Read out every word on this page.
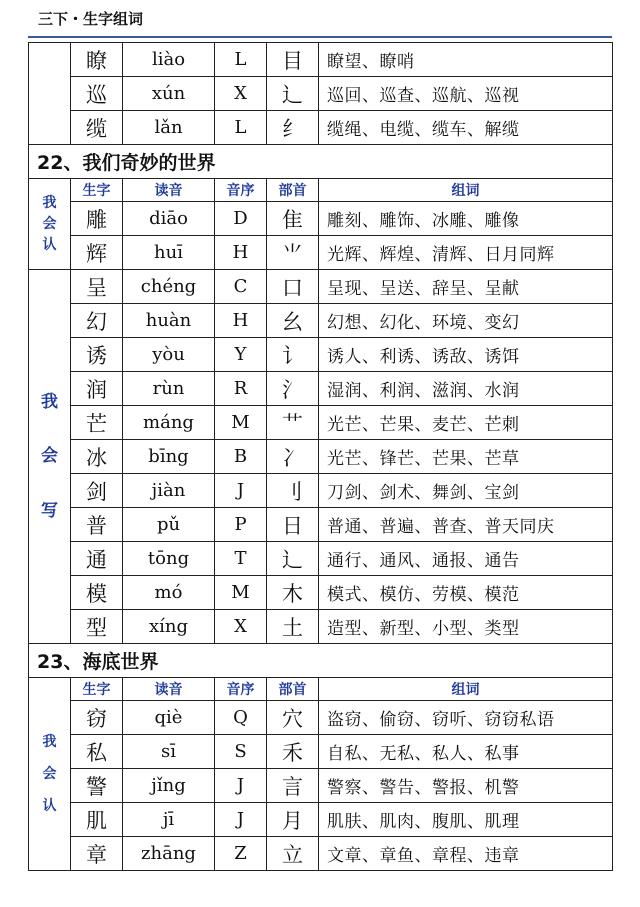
三下・生字组词
	瞭	liào	L	目	瞭望、瞭哨
	巡	xún	X	辶	巡回、巡查、巡航、巡视
	缆	lǎn	L	纟	缆绳、电缆、缆车、解缆
22、我们奇妙的世界					

我
会
认	生字	读音	音序	部首	组词
	雕	diāo	D	隹	雕刻、雕饰、冰雕、雕像
	辉	huī	H	⺌	光辉、辉煌、清辉、日月同辉

我
会
写	呈	chéng	C	口	呈现、呈送、辞呈、呈献
	幻	huàn	H	幺	幻想、幻化、环境、变幻
	诱	yòu	Y	讠	诱人、利诱、诱敌、诱饵
	润	rùn	R	氵	湿润、利润、滋润、水润
	芒	máng	M	艹	光芒、芒果、麦芒、芒刺
	冰	bīng	B	冫	光芒、锋芒、芒果、芒草
	剑	jiàn	J	刂	刀剑、剑术、舞剑、宝剑
	普	pǔ	P	日	普通、普遍、普查、普天同庆
	通	tōng	T	辶	通行、通风、通报、通告
	模	mó	M	木	模式、模仿、劳模、模范
	型	xíng	X	土	造型、新型、小型、类型
23、海底世界					

我
会
认	生字	读音	音序	部首	组词
	窃	qiè	Q	穴	盗窃、偷窃、窃听、窃窃私语
	私	sī	S	禾	自私、无私、私人、私事
	警	jǐng	J	言	警察、警告、警报、机警
	肌	jī	J	月	肌肤、肌肉、腹肌、肌理
	章	zhāng	Z	立	文章、章鱼、章程、违章
